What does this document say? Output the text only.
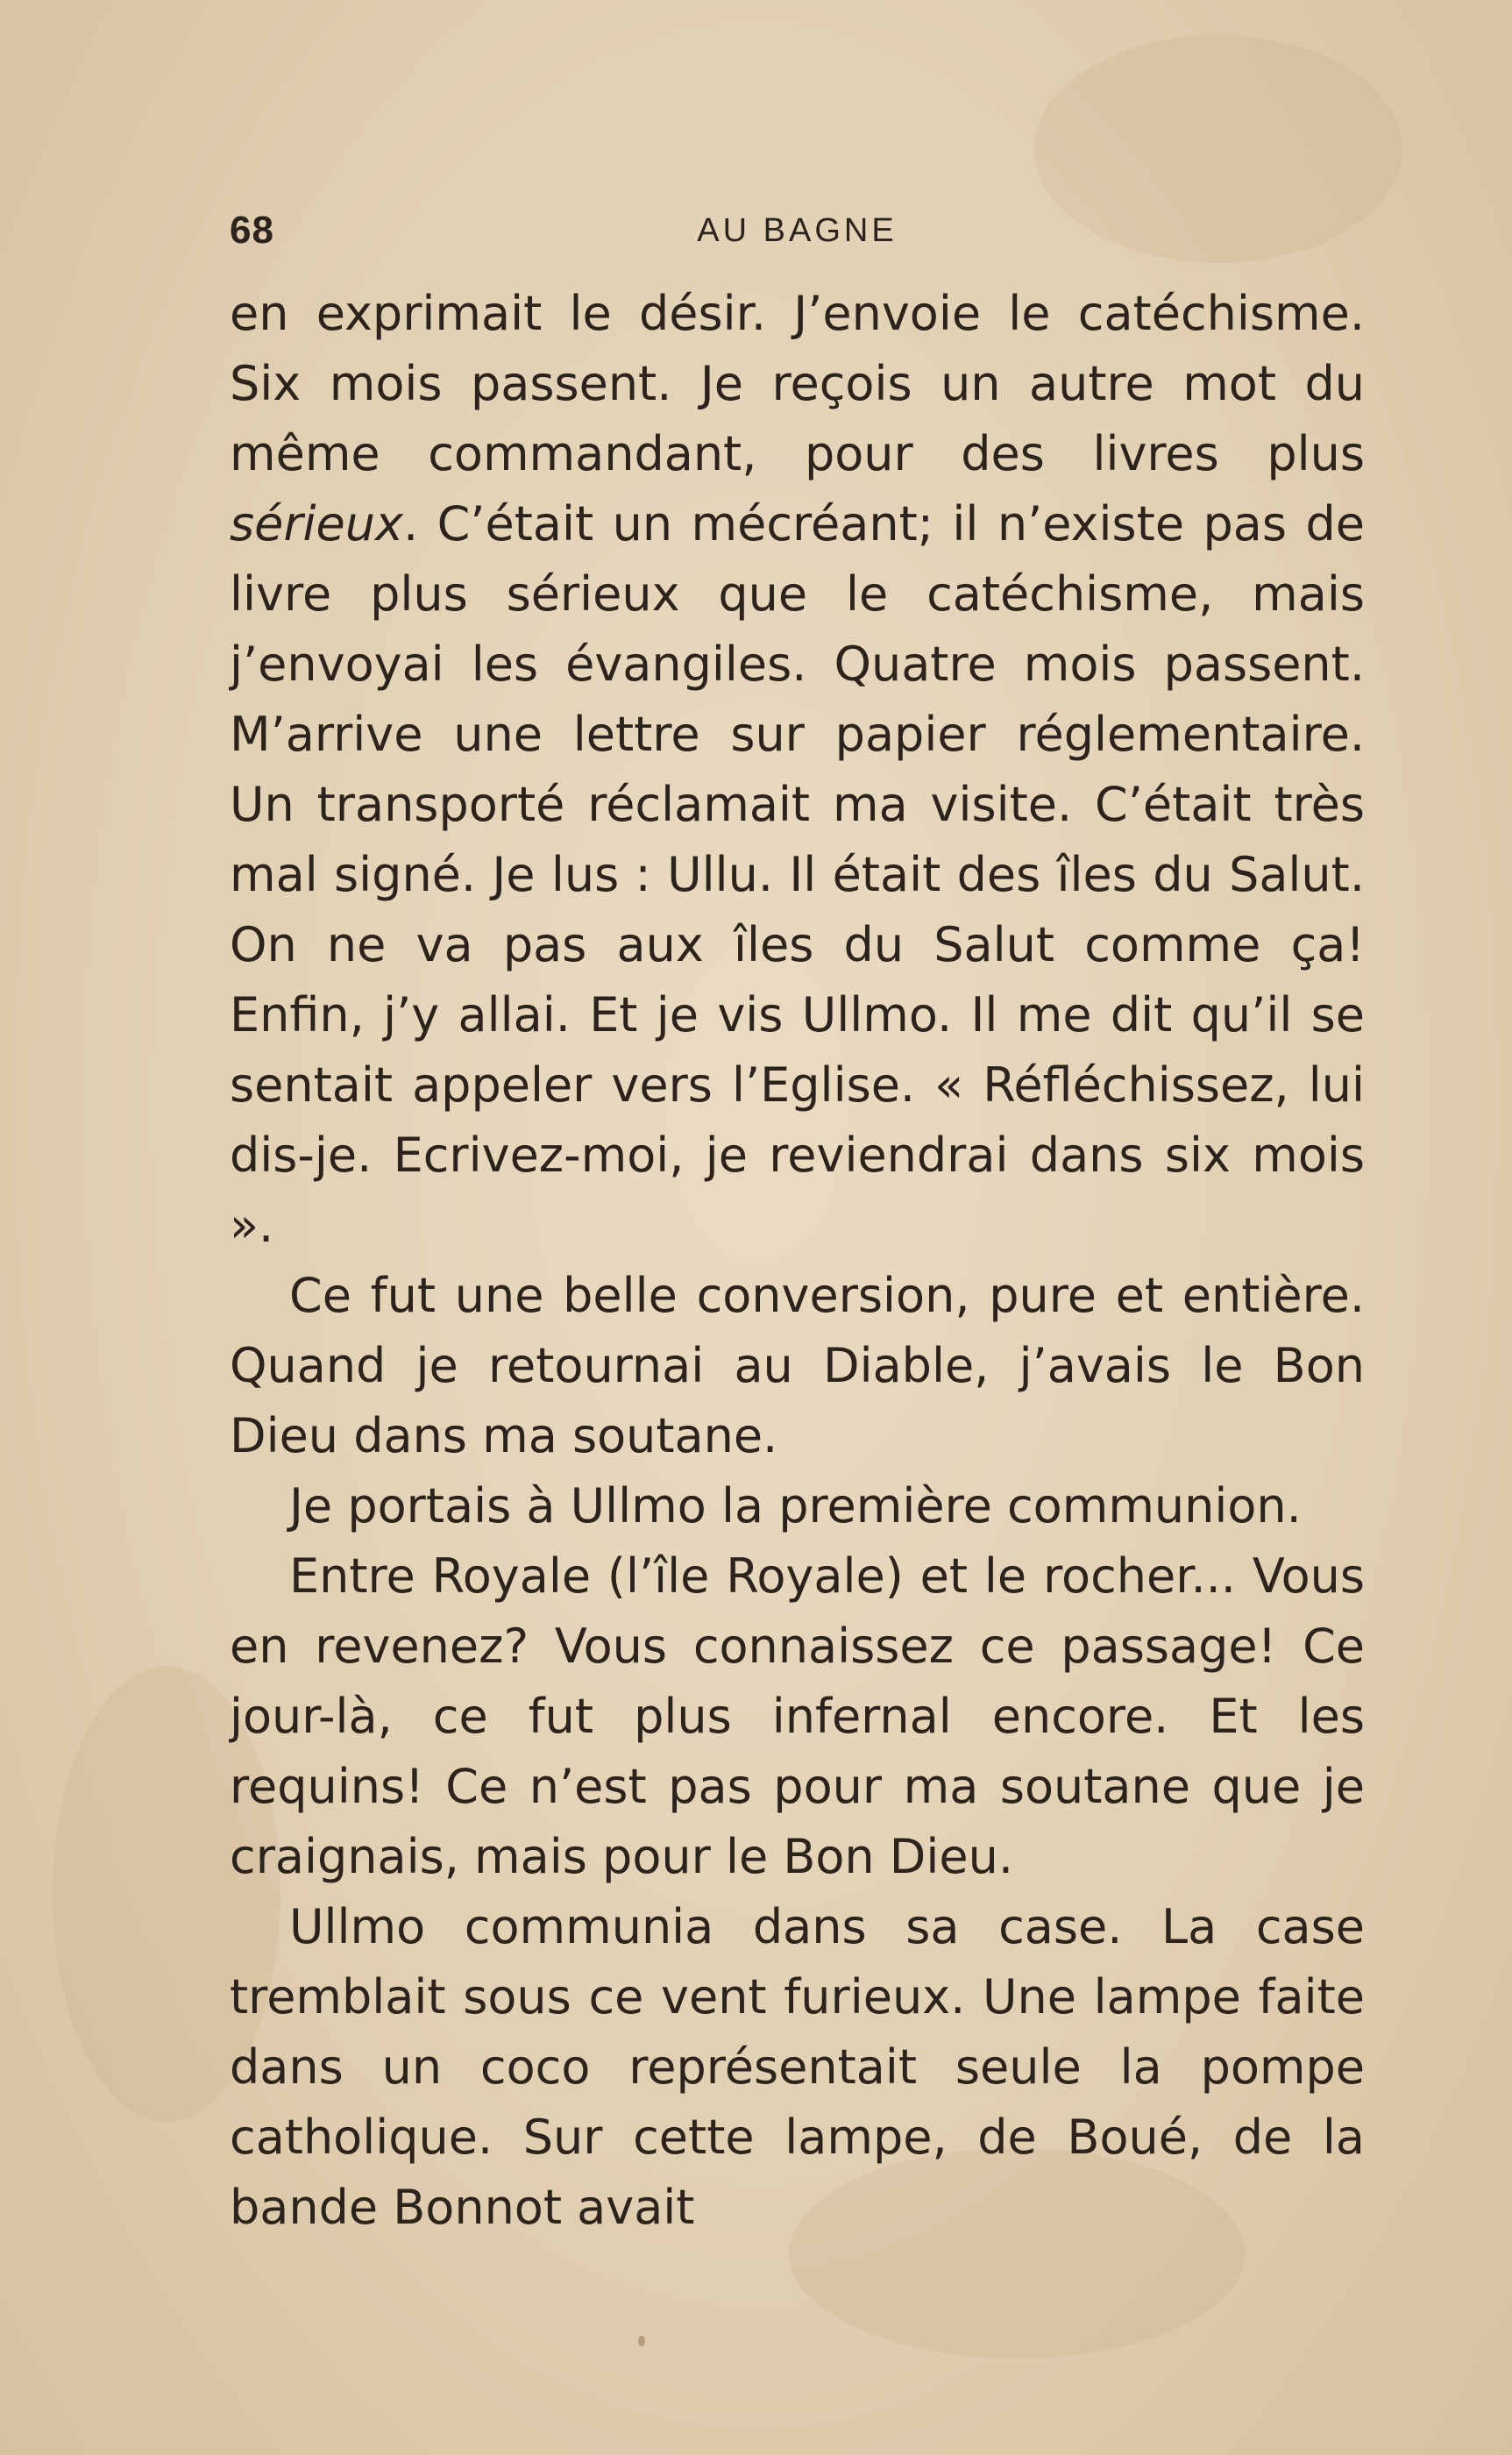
68	AU BAGNE

en exprimait le désir. J’envoie le catéchisme. Six mois passent. Je reçois un autre mot du même commandant, pour des livres plus sérieux. C’était un mécréant; il n’existe pas de livre plus sérieux que le catéchisme, mais j’envoyai les évangiles. Quatre mois passent. M’arrive une lettre sur papier réglementaire. Un transporté réclamait ma visite. C’était très mal signé. Je lus : Ullu. Il était des îles du Salut. On ne va pas aux îles du Salut comme ça! Enfin, j’y allai. Et je vis Ullmo. Il me dit qu’il se sentait appeler vers l’Eglise. « Réfléchissez, lui dis-je. Ecrivez-moi, je reviendrai dans six mois ».

Ce fut une belle conversion, pure et entière. Quand je retournai au Diable, j’avais le Bon Dieu dans ma soutane.

Je portais à Ullmo la première communion.

Entre Royale (l’île Royale) et le rocher... Vous en revenez? Vous connaissez ce passage! Ce jour-là, ce fut plus infernal encore. Et les requins! Ce n’est pas pour ma soutane que je craignais, mais pour le Bon Dieu.

Ullmo communia dans sa case. La case tremblait sous ce vent furieux. Une lampe faite dans un coco représentait seule la pompe catholique. Sur cette lampe, de Boué, de la bande Bonnot avait
